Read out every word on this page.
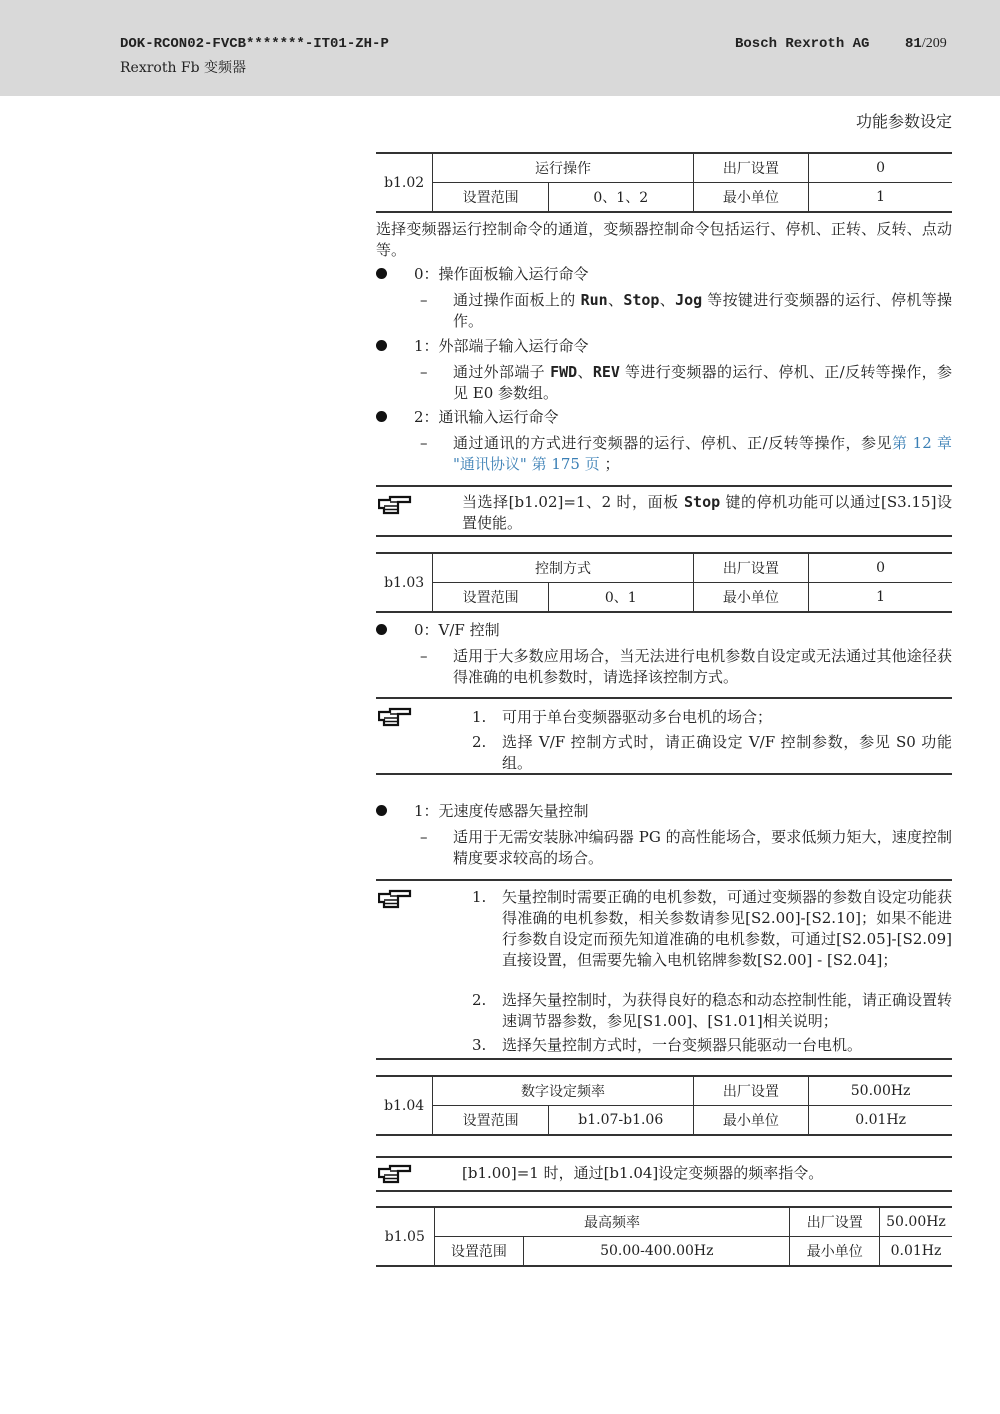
DOK-RCON02-FVCB*******-IT01-ZH-P
Rexroth Fb 变频器
Bosch Rexroth AG	81/209
功能参数设定
b1.02	运行操作		出厂设置	0
	设置范围	0、1、2	最小单位	1
选择变频器运行控制命令的通道，变频器控制命令包括运行、停机、正转、反转、点动等。
0：操作面板输入运行命令
– 通过操作面板上的 Run、Stop、Jog 等按键进行变频器的运行、停机等操作。
1：外部端子输入运行命令
– 通过外部端子 FWD、REV 等进行变频器的运行、停机、正/反转等操作，参见 E0 参数组。
2：通讯输入运行命令
– 通过通讯的方式进行变频器的运行、停机、正/反转等操作，参见第 12 章 "通讯协议" 第 175 页 ；
当选择[b1.02]=1、2 时，面板 Stop 键的停机功能可以通过[S3.15]设置使能。
b1.03	控制方式		出厂设置	0
	设置范围	0、1	最小单位	1
0：V/F 控制
– 适用于大多数应用场合，当无法进行电机参数自设定或无法通过其他途径获得准确的电机参数时，请选择该控制方式。
1. 可用于单台变频器驱动多台电机的场合；
2. 选择 V/F 控制方式时，请正确设定 V/F 控制参数，参见 S0 功能组。
1：无速度传感器矢量控制
– 适用于无需安装脉冲编码器 PG 的高性能场合，要求低频力矩大，速度控制精度要求较高的场合。
1. 矢量控制时需要正确的电机参数，可通过变频器的参数自设定功能获得准确的电机参数，相关参数请参见[S2.00]-[S2.10]；如果不能进行参数自设定而预先知道准确的电机参数，可通过[S2.05]-[S2.09]直接设置，但需要先输入电机铭牌参数[S2.00] - [S2.04]；
2. 选择矢量控制时，为获得良好的稳态和动态控制性能，请正确设置转速调节器参数，参见[S1.00]、[S1.01]相关说明；
3. 选择矢量控制方式时，一台变频器只能驱动一台电机。
b1.04	数字设定频率		出厂设置	50.00Hz
	设置范围	b1.07-b1.06	最小单位	0.01Hz
[b1.00]=1 时，通过[b1.04]设定变频器的频率指令。
b1.05	最高频率		出厂设置	50.00Hz
	设置范围	50.00-400.00Hz	最小单位	0.01Hz
